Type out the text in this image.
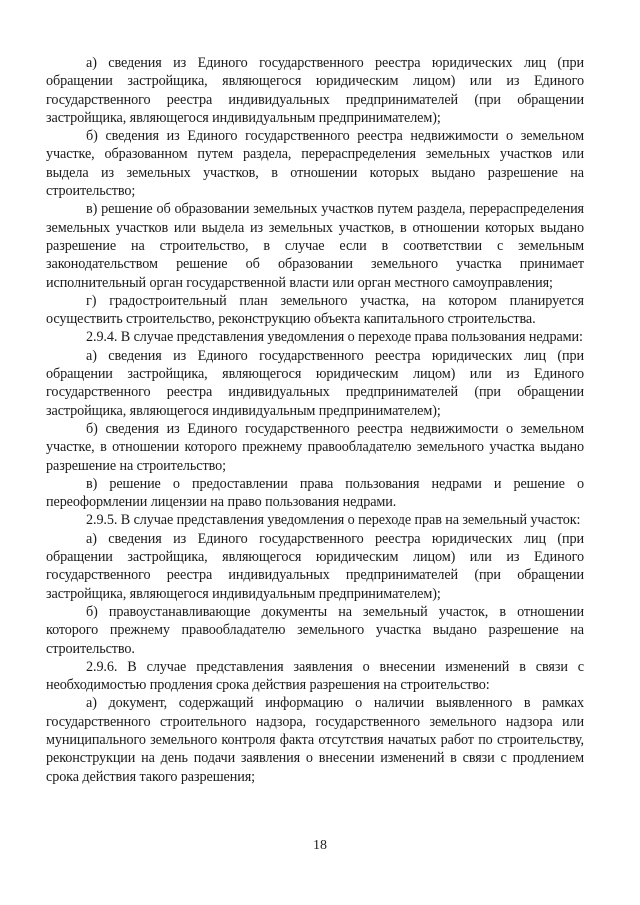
а) сведения из Единого государственного реестра юридических лиц (при обращении застройщика, являющегося юридическим лицом) или из Единого государственного реестра индивидуальных предпринимателей (при обращении застройщика, являющегося индивидуальным предпринимателем);

б) сведения из Единого государственного реестра недвижимости о земельном участке, образованном путем раздела, перераспределения земельных участков или выдела из земельных участков, в отношении которых выдано разрешение на строительство;

в) решение об образовании земельных участков путем раздела, перераспределения земельных участков или выдела из земельных участков, в отношении которых выдано разрешение на строительство, в случае если в соответствии с земельным законодательством решение об образовании земельного участка принимает исполнительный орган государственной власти или орган местного самоуправления;

г) градостроительный план земельного участка, на котором планируется осуществить строительство, реконструкцию объекта капитального строительства.

2.9.4. В случае представления уведомления о переходе права пользования недрами:

а) сведения из Единого государственного реестра юридических лиц (при обращении застройщика, являющегося юридическим лицом) или из Единого государственного реестра индивидуальных предпринимателей (при обращении застройщика, являющегося индивидуальным предпринимателем);

б) сведения из Единого государственного реестра недвижимости о земельном участке, в отношении которого прежнему правообладателю земельного участка выдано разрешение на строительство;

в) решение о предоставлении права пользования недрами и решение о переоформлении лицензии на право пользования недрами.

2.9.5. В случае представления уведомления о переходе прав на земельный участок:

а) сведения из Единого государственного реестра юридических лиц (при обращении застройщика, являющегося юридическим лицом) или из Единого государственного реестра индивидуальных предпринимателей (при обращении застройщика, являющегося индивидуальным предпринимателем);

б) правоустанавливающие документы на земельный участок, в отношении которого прежнему правообладателю земельного участка выдано разрешение на строительство.

2.9.6. В случае представления заявления о внесении изменений в связи с необходимостью продления срока действия разрешения на строительство:

а) документ, содержащий информацию о наличии выявленного в рамках государственного строительного надзора, государственного земельного надзора или муниципального земельного контроля факта отсутствия начатых работ по строительству, реконструкции на день подачи заявления о внесении изменений в связи с продлением срока действия такого разрешения;

18
